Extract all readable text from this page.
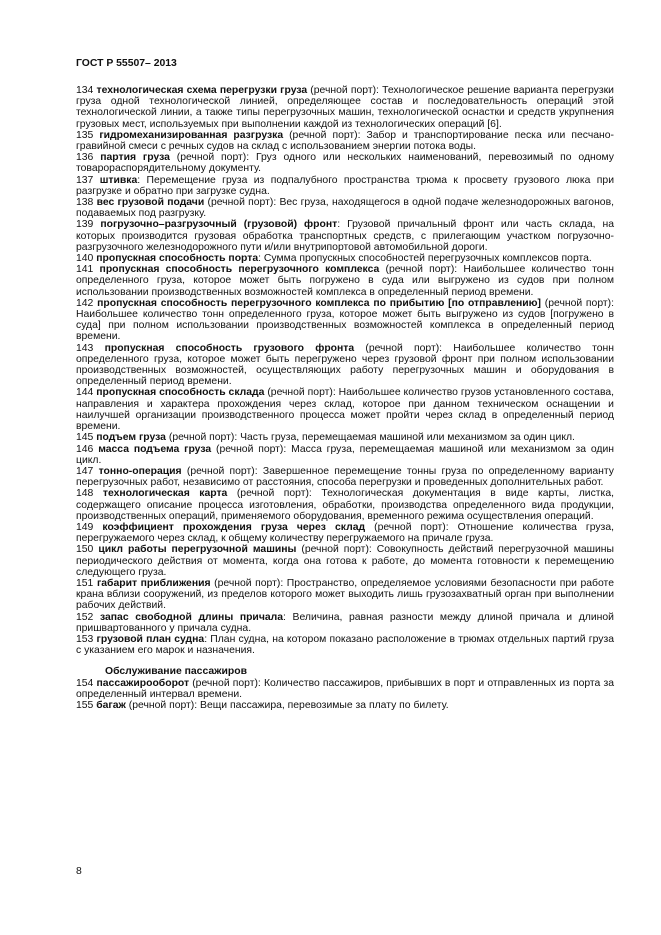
ГОСТ Р 55507– 2013
134 технологическая схема перегрузки груза (речной порт): Технологическое решение варианта перегрузки груза одной технологической линией, определяющее состав и последовательность операций этой технологической линии, а также типы перегрузочных машин, технологической оснастки и средств укрупнения грузовых мест, используемых при выполнении каждой из технологических операций [6].
135 гидромеханизированная разгрузка (речной порт): Забор и транспортирование песка или песчано-гравийной смеси с речных судов на склад с использованием энергии потока воды.
136 партия груза (речной порт): Груз одного или нескольких наименований, перевозимый по одному товарораспорядительному документу.
137 штивка: Перемещение груза из подпалубного пространства трюма к просвету грузового люка при разгрузке и обратно при загрузке судна.
138 вес грузовой подачи (речной порт): Вес груза, находящегося в одной подаче железнодорожных вагонов, подаваемых под разгрузку.
139 погрузочно–разгрузочный (грузовой) фронт: Грузовой причальный фронт или часть склада, на которых производится грузовая обработка транспортных средств, с прилегающим участком погрузочно-разгрузочного железнодорожного пути и/или внутрипортовой автомобильной дороги.
140 пропускная способность порта: Сумма пропускных способностей перегрузочных комплексов порта.
141 пропускная способность перегрузочного комплекса (речной порт): Наибольшее количество тонн определенного груза, которое может быть погружено в суда или выгружено из судов при полном использовании производственных возможностей комплекса в определенный период времени.
142 пропускная способность перегрузочного комплекса по прибытию [по отправлению] (речной порт): Наибольшее количество тонн определенного груза, которое может быть выгружено из судов [погружено в суда] при полном использовании производственных возможностей комплекса в определенный период времени.
143 пропускная способность грузового фронта (речной порт): Наибольшее количество тонн определенного груза, которое может быть перегружено через грузовой фронт при полном использовании производственных возможностей, осуществляющих работу перегрузочных машин и оборудования в определенный период времени.
144 пропускная способность склада (речной порт): Наибольшее количество грузов установленного состава, направления и характера прохождения через склад, которое при данном техническом оснащении и наилучшей организации производственного процесса может пройти через склад в определенный период времени.
145 подъем груза (речной порт): Часть груза, перемещаемая машиной или механизмом за один цикл.
146 масса подъема груза (речной порт): Масса груза, перемещаемая машиной или механизмом за один цикл.
147 тонно-операция (речной порт): Завершенное перемещение тонны груза по определенному варианту перегрузочных работ, независимо от расстояния, способа перегрузки и проведенных дополнительных работ.
148 технологическая карта (речной порт): Технологическая документация в виде карты, листка, содержащего описание процесса изготовления, обработки, производства определенного вида продукции, производственных операций, применяемого оборудования, временного режима осуществления операций.
149 коэффициент прохождения груза через склад (речной порт): Отношение количества груза, перегружаемого через склад, к общему количеству перегружаемого на причале груза.
150 цикл работы перегрузочной машины (речной порт): Совокупность действий перегрузочной машины периодического действия от момента, когда она готова к работе, до момента готовности к перемещению следующего груза.
151 габарит приближения (речной порт): Пространство, определяемое условиями безопасности при работе крана вблизи сооружений, из пределов которого может выходить лишь грузозахватный орган при выполнении рабочих действий.
152 запас свободной длины причала: Величина, равная разности между длиной причала и длиной пришвартованного у причала судна.
153 грузовой план судна: План судна, на котором показано расположение в трюмах отдельных партий груза с указанием его марок и назначения.
Обслуживание пассажиров
154 пассажирооборот (речной порт): Количество пассажиров, прибывших в порт и отправленных из порта за определенный интервал времени.
155 багаж (речной порт): Вещи пассажира, перевозимые за плату по билету.
8
